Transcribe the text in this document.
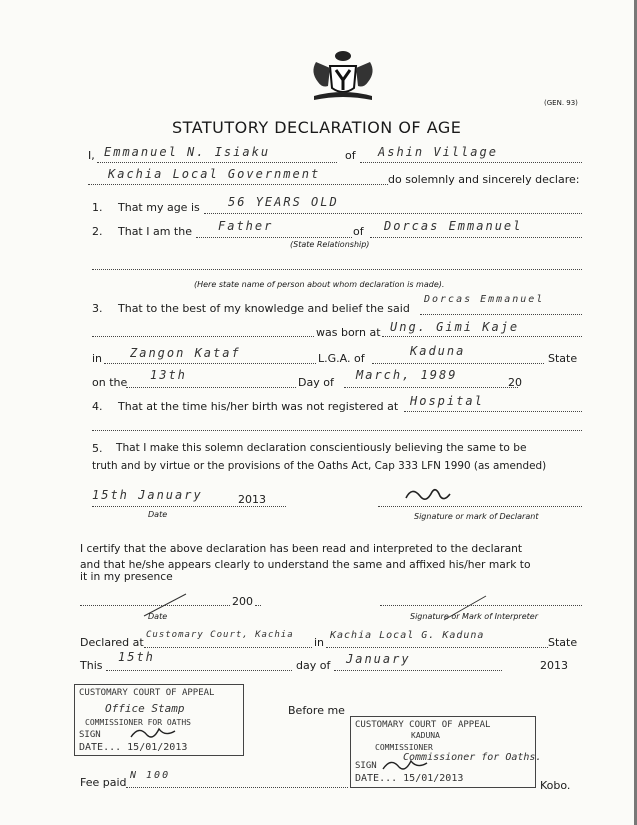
(GEN. 93)
STATUTORY DECLARATION OF AGE
I, Emmanuel N. Isiaku	of Ashin Village
Kachia Local Government	do solemnly and sincerely declare:
1. That my age is 56 YEARS OLD
2. That I am the Father	of Dorcas Emmanuel
(State Relationship)
(Here state name of person about whom declaration is made).
3. That to the best of my knowledge and belief the said
Dorcas Emmanuel
was born at Ung. Gimi Kaje
in Zangon Kataf	L.G.A. of
Kaduna
State
on the
13th
Day of
March, 1989
20
4. That at the time his/her birth was not registered at Hospital
5. That I make this solemn declaration conscientiously believing the same to be
truth and by virtue or the provisions of the Oaths Act, Cap 333 LFN 1990 (as amended)
15th January	2013
Date	Signature or mark of Declarant
I certify that the above declaration has been read and interpreted to the declarant
and that he/she appears clearly to understand the same and affixed his/her mark to
it in my presence
200
Date	Signature or Mark of Interpreter
Declared at
Customary Court, Kachia
in
Kachia Local G. Kaduna
State
This
15th
day of January	2013
CUSTOMARY COURT OF APPEAL
Office Stamp
COMMISSIONER FOR OATHS
SIGN
DATE... 15/01/2013
Before me
CUSTOMARY COURT OF APPEAL
KADUNA
COMMISSIONER
Commissioner for Oaths.
SIGN
DATE... 15/01/2013
Fee paid
N 100
Kobo.
